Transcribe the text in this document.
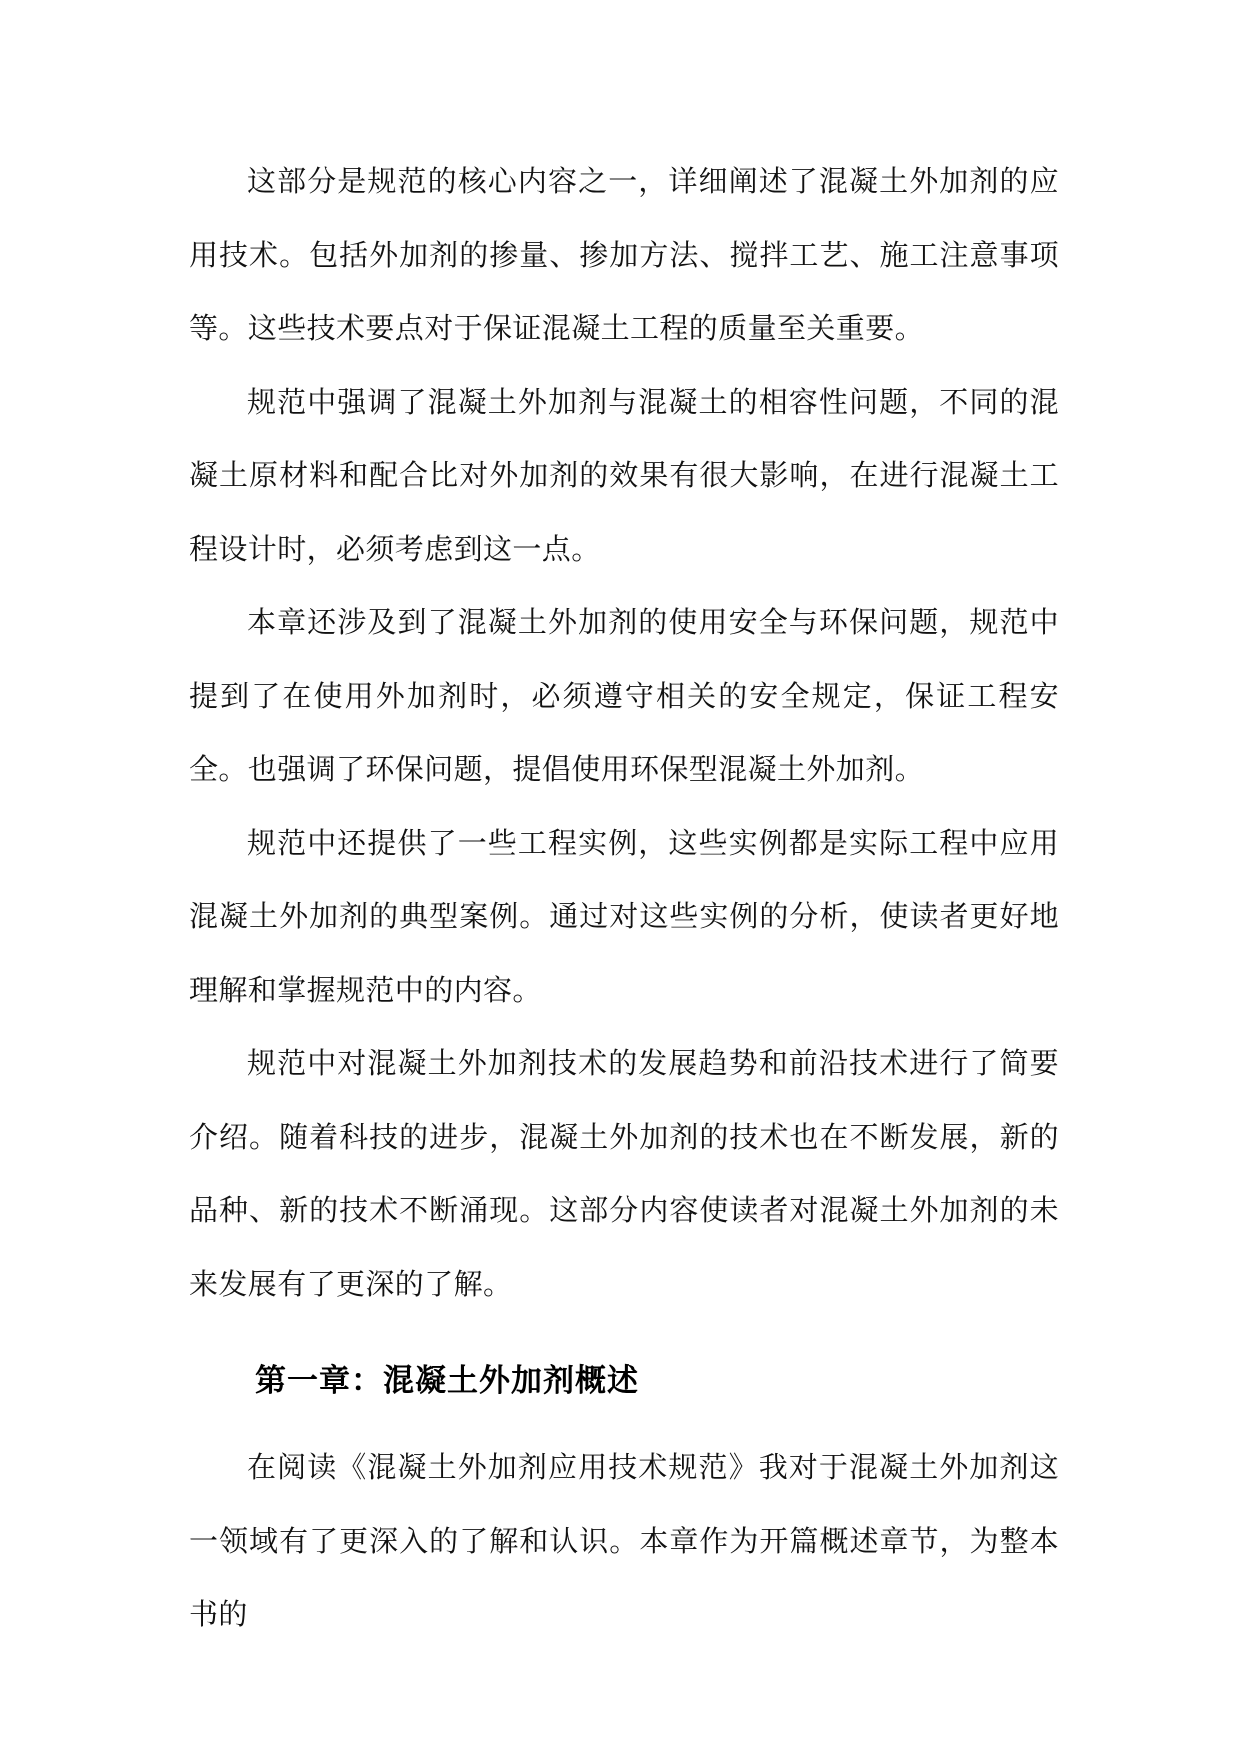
这部分是规范的核心内容之一，详细阐述了混凝土外加剂的应用技术。包括外加剂的掺量、掺加方法、搅拌工艺、施工注意事项等。这些技术要点对于保证混凝土工程的质量至关重要。

规范中强调了混凝土外加剂与混凝土的相容性问题，不同的混凝土原材料和配合比对外加剂的效果有很大影响，在进行混凝土工程设计时，必须考虑到这一点。

本章还涉及到了混凝土外加剂的使用安全与环保问题，规范中提到了在使用外加剂时，必须遵守相关的安全规定，保证工程安全。也强调了环保问题，提倡使用环保型混凝土外加剂。

规范中还提供了一些工程实例，这些实例都是实际工程中应用混凝土外加剂的典型案例。通过对这些实例的分析，使读者更好地理解和掌握规范中的内容。

规范中对混凝土外加剂技术的发展趋势和前沿技术进行了简要介绍。随着科技的进步，混凝土外加剂的技术也在不断发展，新的品种、新的技术不断涌现。这部分内容使读者对混凝土外加剂的未来发展有了更深的了解。

第一章：混凝土外加剂概述

在阅读《混凝土外加剂应用技术规范》我对于混凝土外加剂这一领域有了更深入的了解和认识。本章作为开篇概述章节，为整本书的
